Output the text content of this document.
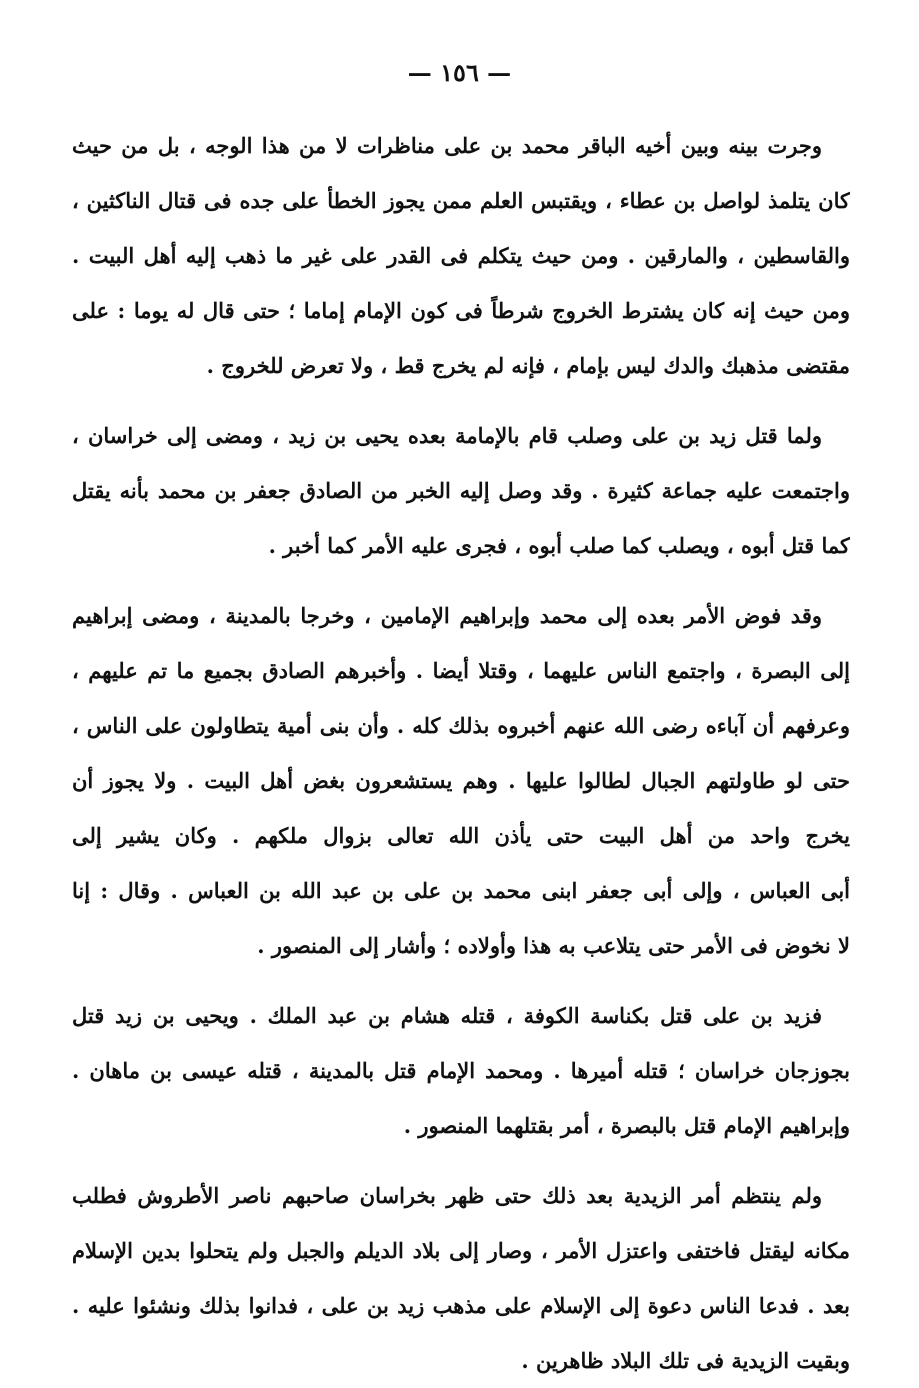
— ١٥٦ —
وجرت بينه وبين أخيه الباقر محمد بن على مناظرات لا من هذا الوجه ، بل من حيث
كان يتلمذ لواصل بن عطاء ، ويقتبس العلم ممن يجوز الخطأ على جده فى قتال الناكثين ،
والقاسطين ، والمارقين . ومن حيث يتكلم فى القدر على غير ما ذهب إليه أهل البيت .
ومن حيث إنه كان يشترط الخروج شرطاً فى كون الإمام إماما ؛ حتى قال له يوما : على
مقتضى مذهبك والدك ليس بإمام ، فإنه لم يخرج قط ، ولا تعرض للخروج .
ولما قتل زيد بن على وصلب قام بالإمامة بعده يحيى بن زيد ، ومضى إلى خراسان ،
واجتمعت عليه جماعة كثيرة . وقد وصل إليه الخبر من الصادق جعفر بن محمد بأنه يقتل
كما قتل أبوه ، ويصلب كما صلب أبوه ، فجرى عليه الأمر كما أخبر .
وقد فوض الأمر بعده إلى محمد وإبراهيم الإمامين ، وخرجا بالمدينة ، ومضى إبراهيم
إلى البصرة ، واجتمع الناس عليهما ، وقتلا أيضا . وأخبرهم الصادق بجميع ما تم عليهم ،
وعرفهم أن آباءه رضى الله عنهم أخبروه بذلك كله . وأن بنى أمية يتطاولون على الناس ،
حتى لو طاولتهم الجبال لطالوا عليها . وهم يستشعرون بغض أهل البيت . ولا يجوز أن
يخرج واحد من أهل البيت حتى يأذن الله تعالى بزوال ملكهم . وكان يشير إلى
أبى العباس ، وإلى أبى جعفر ابنى محمد بن على بن عبد الله بن العباس . وقال : إنا
لا نخوض فى الأمر حتى يتلاعب به هذا وأولاده ؛ وأشار إلى المنصور .
فزيد بن على قتل بكناسة الكوفة ، قتله هشام بن عبد الملك . ويحيى بن زيد قتل
بجوزجان خراسان ؛ قتله أميرها . ومحمد الإمام قتل بالمدينة ، قتله عيسى بن ماهان .
وإبراهيم الإمام قتل بالبصرة ، أمر بقتلهما المنصور .
ولم ينتظم أمر الزيدية بعد ذلك حتى ظهر بخراسان صاحبهم ناصر الأطروش فطلب
مكانه ليقتل فاختفى واعتزل الأمر ، وصار إلى بلاد الديلم والجبل ولم يتحلوا بدين الإسلام
بعد . فدعا الناس دعوة إلى الإسلام على مذهب زيد بن على ، فدانوا بذلك ونشئوا عليه .
وبقيت الزيدية فى تلك البلاد ظاهرين .
